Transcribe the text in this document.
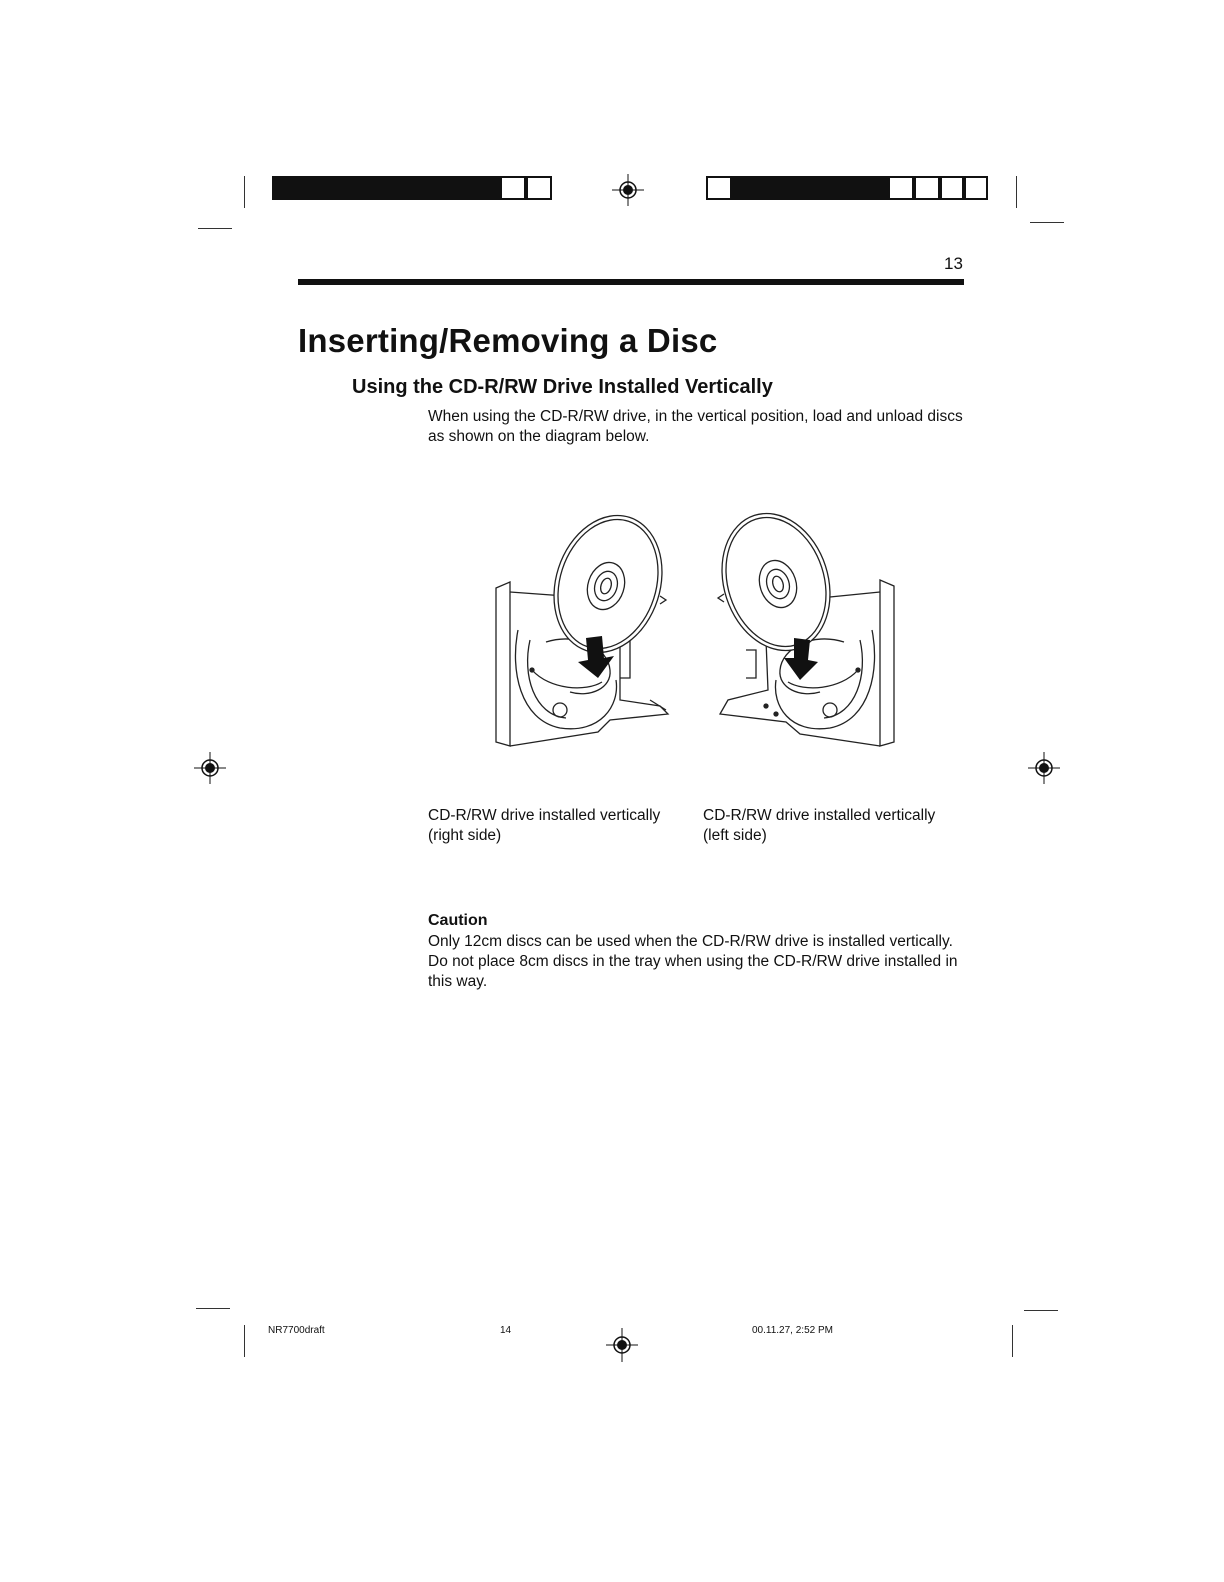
13
Inserting/Removing a Disc
Using the CD-R/RW Drive Installed Vertically

When using the CD-R/RW drive, in the vertical position, load and unload discs as shown on the diagram below.

CD-R/RW drive installed vertically
(right side)
CD-R/RW drive installed vertically
(left side)
Caution

Only 12cm discs can be used when the CD-R/RW drive is installed vertically. Do not place 8cm discs in the tray when using the CD-R/RW drive installed in this way.

NR7700draft	14	00.11.27, 2:52 PM
